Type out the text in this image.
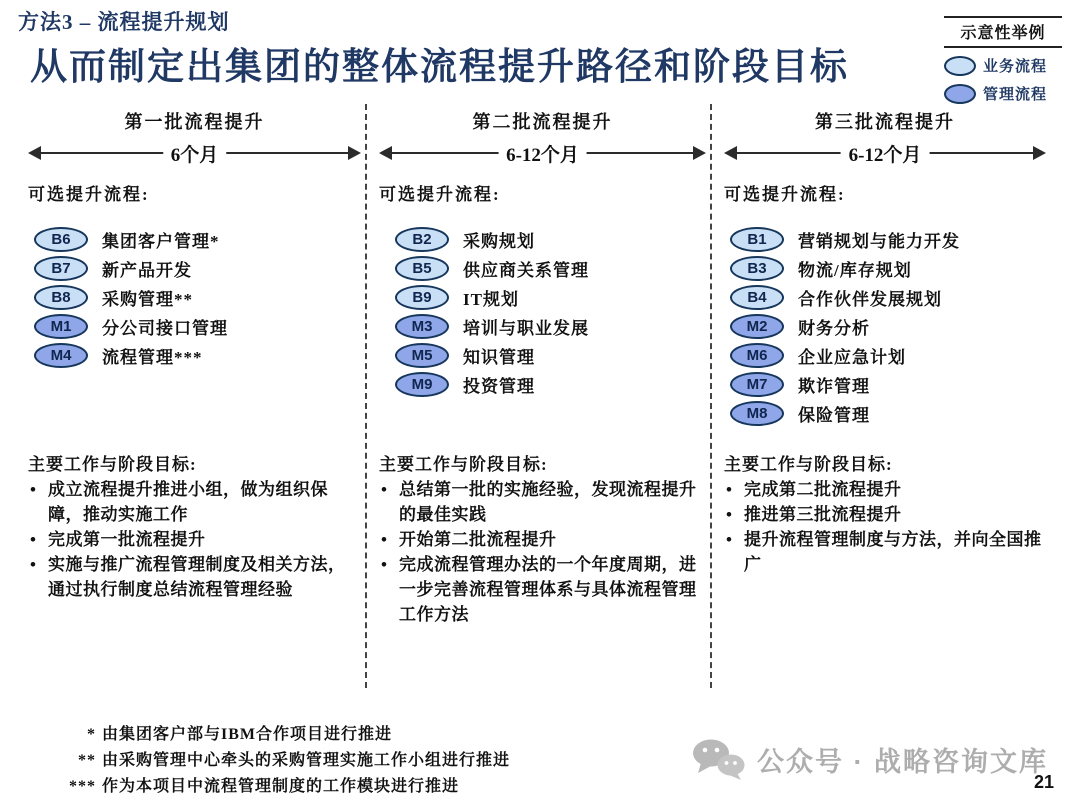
方法3 – 流程提升规划
从而制定出集团的整体流程提升路径和阶段目标
示意性举例
业务流程
管理流程
第一批流程提升
6个月
可选提升流程:
B6	集团客户管理*
B7	新产品开发
B8	采购管理**
M1	分公司接口管理
M4	流程管理***
主要工作与阶段目标:
• 成立流程提升推进小组，做为组织保障，推动实施工作
• 完成第一批流程提升
• 实施与推广流程管理制度及相关方法，通过执行制度总结流程管理经验
第二批流程提升
6-12个月
可选提升流程:
B2	采购规划
B5	供应商关系管理
B9	IT规划
M3	培训与职业发展
M5	知识管理
M9	投资管理
主要工作与阶段目标:
• 总结第一批的实施经验，发现流程提升的最佳实践
• 开始第二批流程提升
• 完成流程管理办法的一个年度周期，进一步完善流程管理体系与具体流程管理工作方法
第三批流程提升
6-12个月
可选提升流程:
B1	营销规划与能力开发
B3	物流/库存规划
B4	合作伙伴发展规划
M2	财务分析
M6	企业应急计划
M7	欺诈管理
M8	保险管理
主要工作与阶段目标:
• 完成第二批流程提升
• 推进第三批流程提升
• 提升流程管理制度与方法，并向全国推广
* 由集团客户部与IBM合作项目进行推进
** 由采购管理中心牵头的采购管理实施工作小组进行推进
*** 作为本项目中流程管理制度的工作模块进行推进
公众号 · 战略咨询文库
21
